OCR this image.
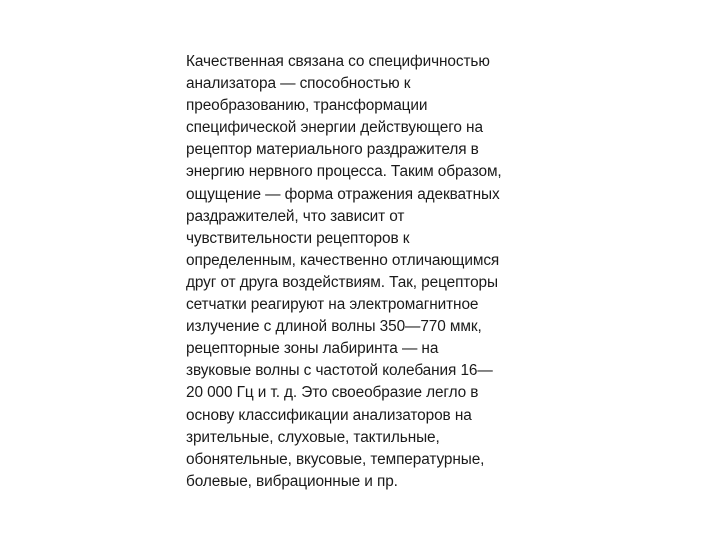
Качественная связана со специфичностью
анализатора — способностью к
преобразованию, трансформации
специфической энергии действующего на
рецептор материального раздражителя в
энергию нервного процесса. Таким образом,
ощущение — форма отражения адекватных
раздражителей, что зависит от
чувствительности рецепторов к
определенным, качественно отличающимся
друг от друга воздействиям. Так, рецепторы
сетчатки реагируют на электромагнитное
излучение с длиной волны 350—770 ммк,
рецепторные зоны лабиринта — на
звуковые волны с частотой колебания 16—
20 000 Гц и т. д. Это своеобразие легло в
основу классификации анализаторов на
зрительные, слуховые, тактильные,
обонятельные, вкусовые, температурные,
болевые, вибрационные и пр.
